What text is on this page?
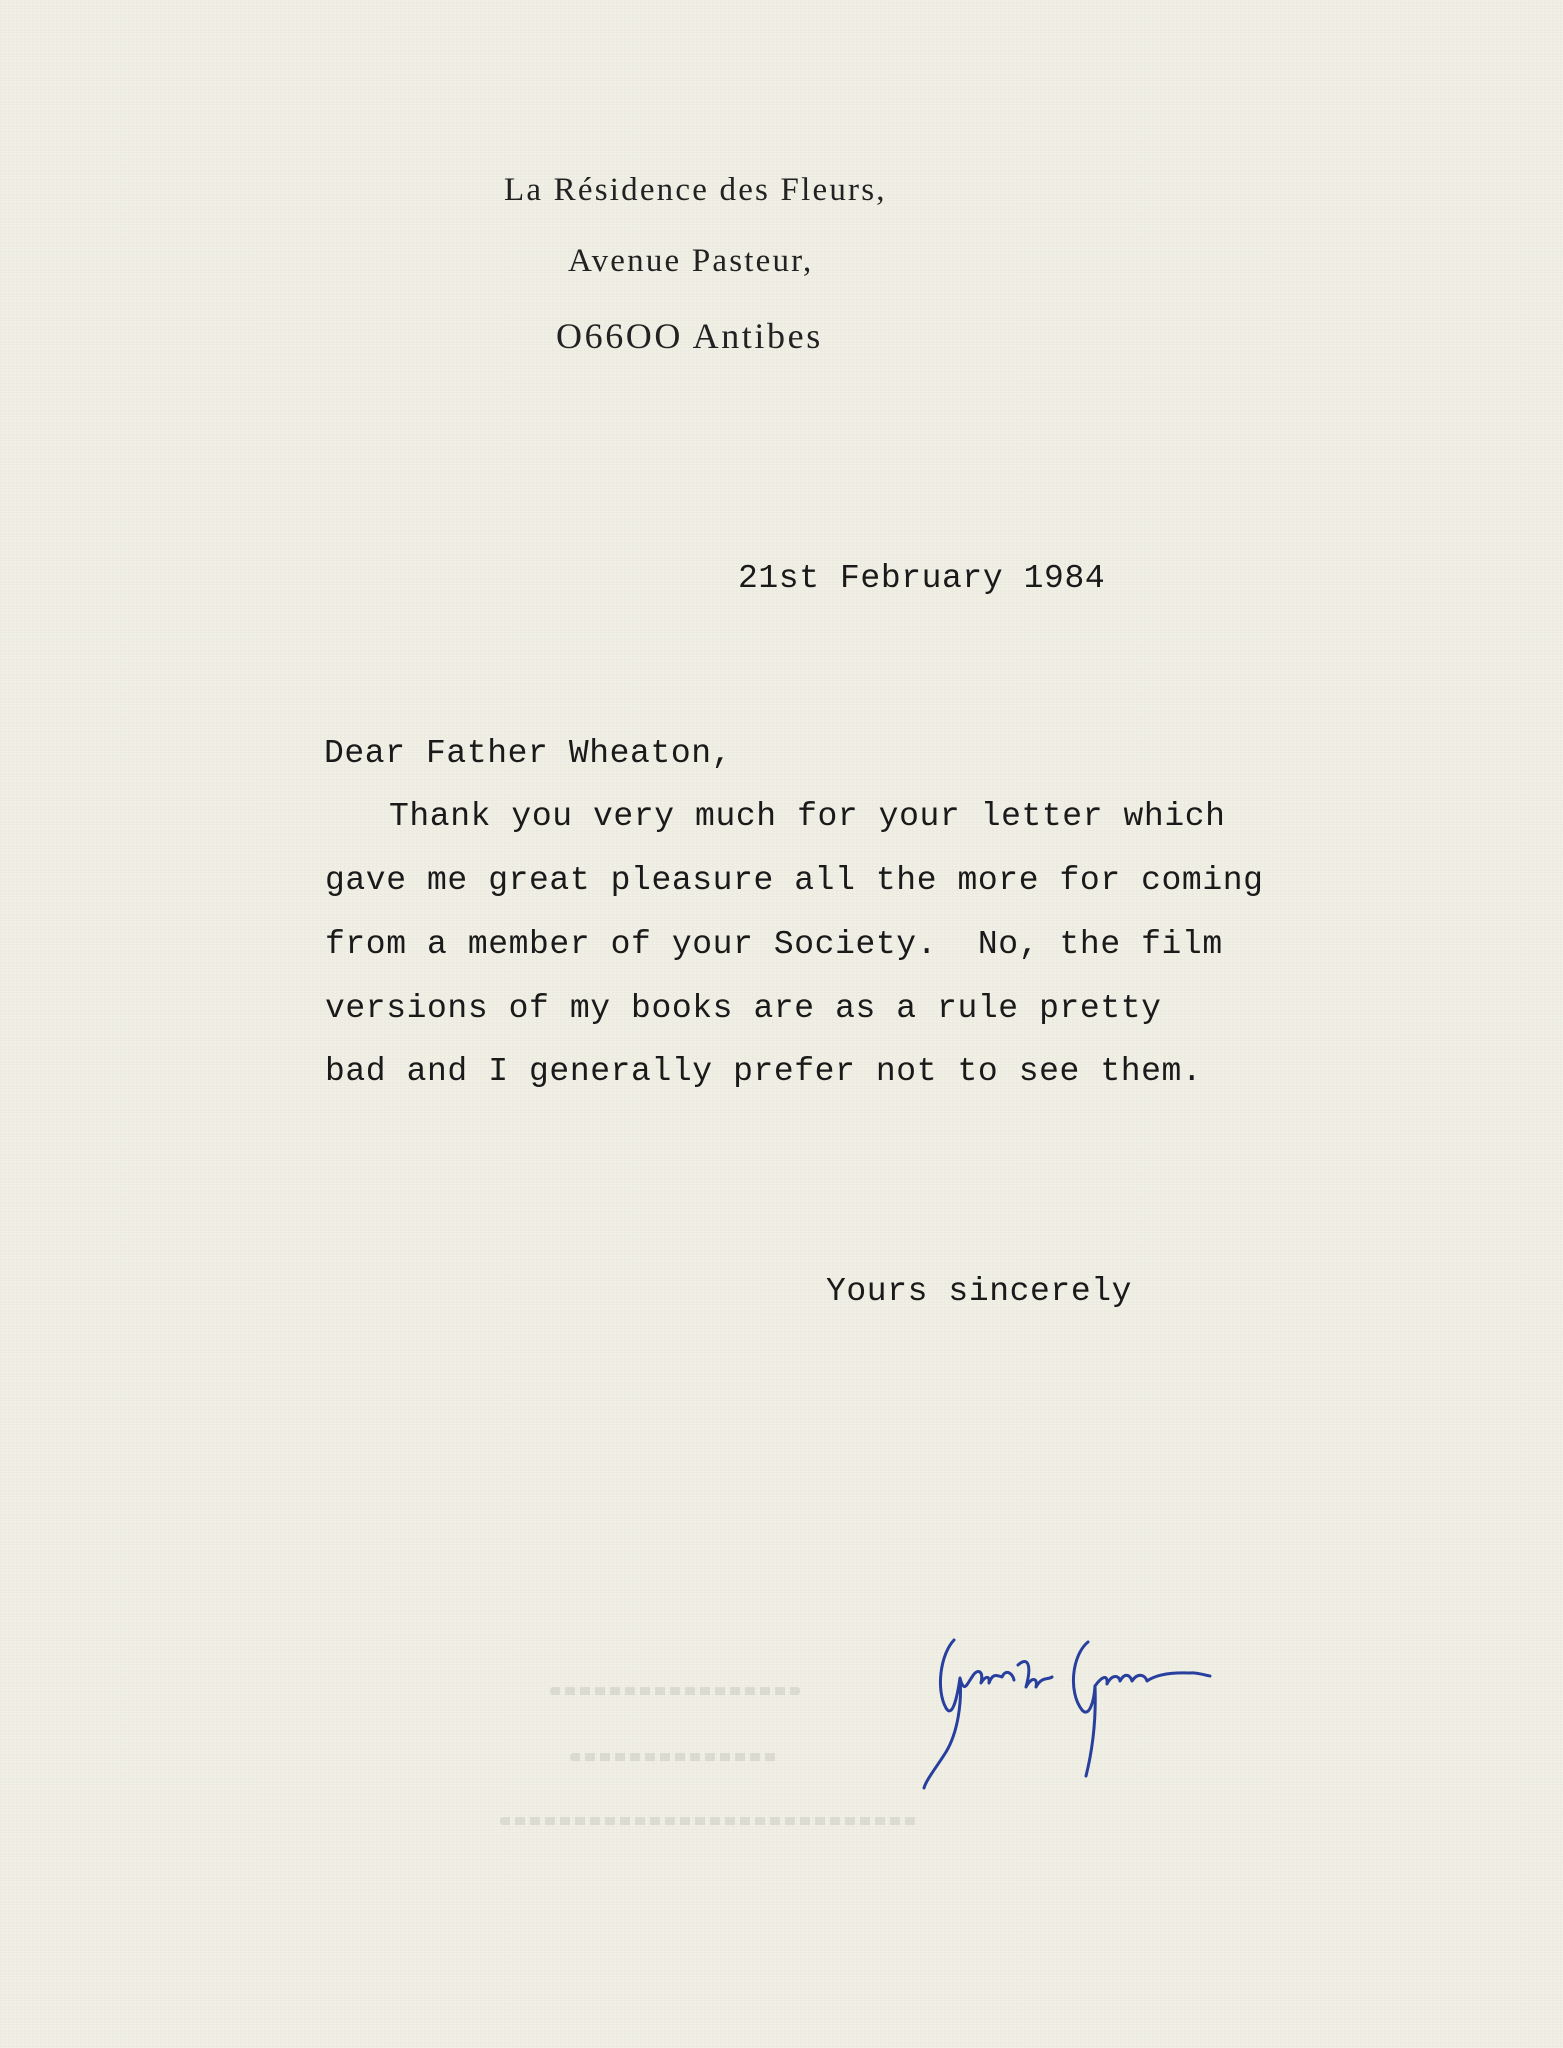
La Résidence des Fleurs,
Avenue Pasteur,
O66OO Antibes
21st February 1984
Dear Father Wheaton,
Thank you very much for your letter which
gave me great pleasure all the more for coming
from a member of your Society.  No, the film
versions of my books are as a rule pretty
bad and I generally prefer not to see them.
Yours sincerely
